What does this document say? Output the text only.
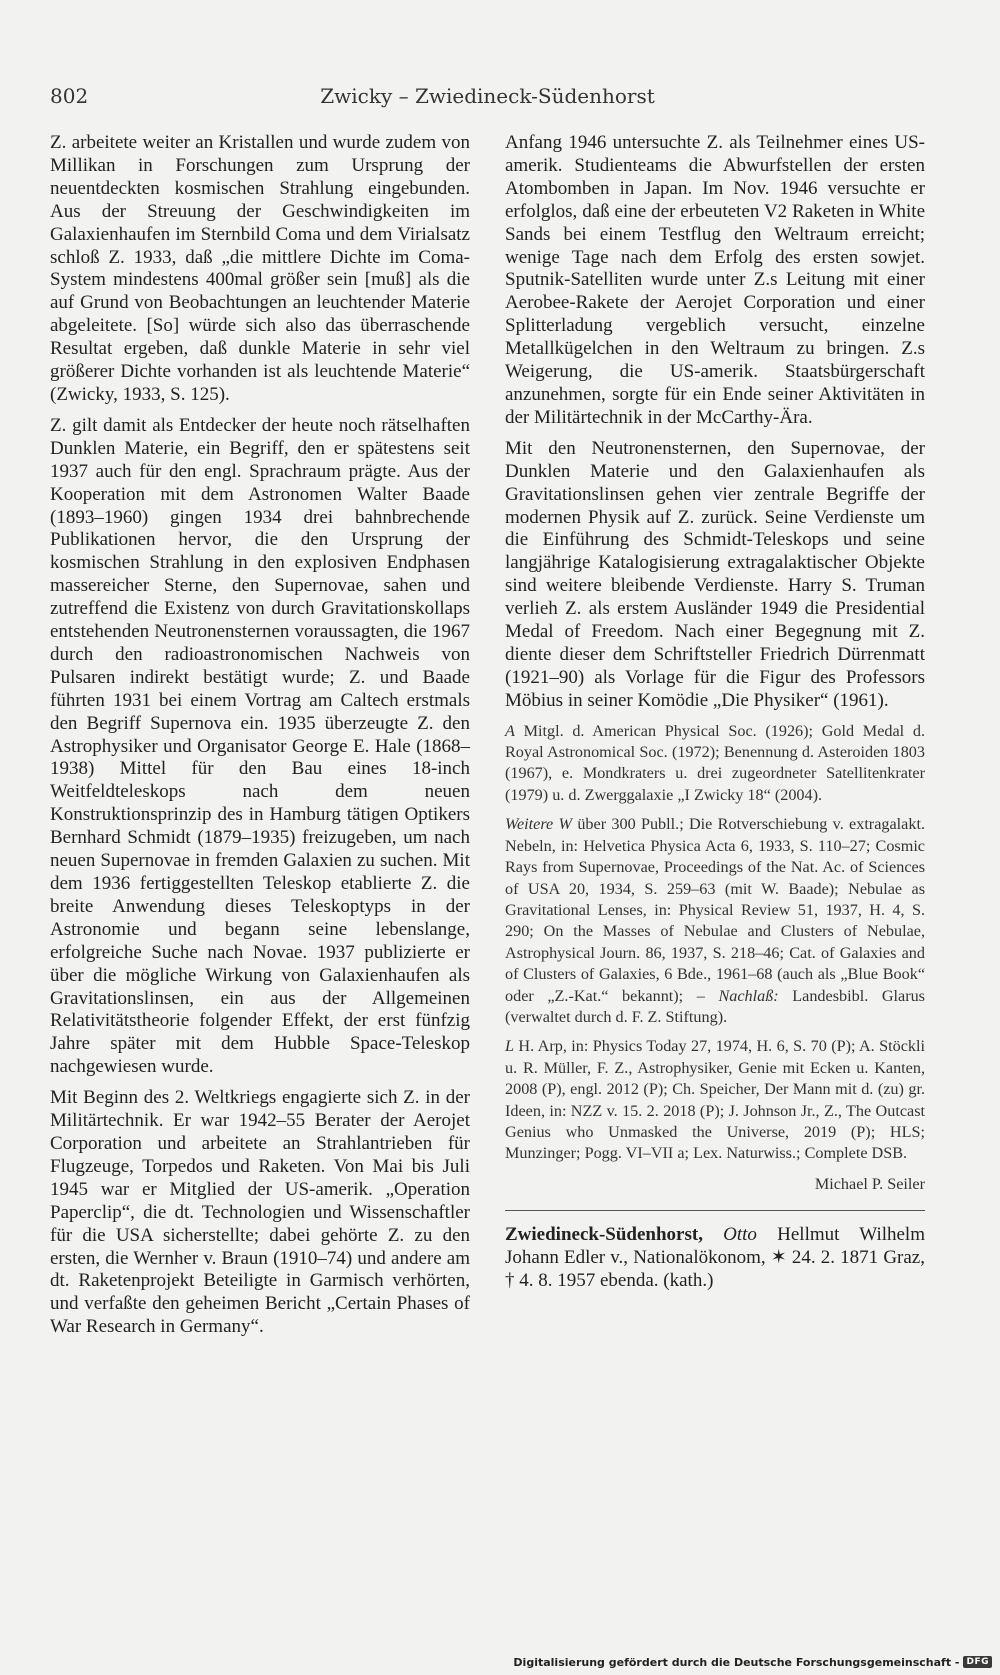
802	Zwicky – Zwiedineck-Südenhorst

Z. arbeitete weiter an Kristallen und wurde zudem von Millikan in Forschungen zum Ursprung der neuentdeckten kosmischen Strahlung eingebunden. Aus der Streuung der Geschwindigkeiten im Galaxienhaufen im Sternbild Coma und dem Virialsatz schloß Z. 1933, daß „die mittlere Dichte im Coma-System mindestens 400mal größer sein [muß] als die auf Grund von Beobachtungen an leuchtender Materie abgeleitete. [So] würde sich also das überraschende Resultat ergeben, daß dunkle Materie in sehr viel größerer Dichte vorhanden ist als leuchtende Materie“ (Zwicky, 1933, S. 125).

Z. gilt damit als Entdecker der heute noch rätselhaften Dunklen Materie, ein Begriff, den er spätestens seit 1937 auch für den engl. Sprachraum prägte. Aus der Kooperation mit dem Astronomen Walter Baade (1893–1960) gingen 1934 drei bahnbrechende Publikationen hervor, die den Ursprung der kosmischen Strahlung in den explosiven Endphasen massereicher Sterne, den Supernovae, sahen und zutreffend die Existenz von durch Gravitationskollaps entstehenden Neutronensternen voraussagten, die 1967 durch den radioastronomischen Nachweis von Pulsaren indirekt bestätigt wurde; Z. und Baade führten 1931 bei einem Vortrag am Caltech erstmals den Begriff Supernova ein. 1935 überzeugte Z. den Astrophysiker und Organisator George E. Hale (1868–1938) Mittel für den Bau eines 18-inch Weitfeldteleskops nach dem neuen Konstruktionsprinzip des in Hamburg tätigen Optikers Bernhard Schmidt (1879–1935) freizugeben, um nach neuen Supernovae in fremden Galaxien zu suchen. Mit dem 1936 fertiggestellten Teleskop etablierte Z. die breite Anwendung dieses Teleskoptyps in der Astronomie und begann seine lebenslange, erfolgreiche Suche nach Novae. 1937 publizierte er über die mögliche Wirkung von Galaxienhaufen als Gravitationslinsen, ein aus der Allgemeinen Relativitätstheorie folgender Effekt, der erst fünfzig Jahre später mit dem Hubble Space-Teleskop nachgewiesen wurde.

Mit Beginn des 2. Weltkriegs engagierte sich Z. in der Militärtechnik. Er war 1942–55 Berater der Aerojet Corporation und arbeitete an Strahlantrieben für Flugzeuge, Torpedos und Raketen. Von Mai bis Juli 1945 war er Mitglied der US-amerik. „Operation Paperclip“, die dt. Technologien und Wissenschaftler für die USA sicherstellte; dabei gehörte Z. zu den ersten, die Wernher v. Braun (1910–74) und andere am dt. Raketenprojekt Beteiligte in Garmisch verhörten, und verfaßte den geheimen Bericht „Certain Phases of War Research in Germany“.

Anfang 1946 untersuchte Z. als Teilnehmer eines US-amerik. Studienteams die Abwurfstellen der ersten Atombomben in Japan. Im Nov. 1946 versuchte er erfolglos, daß eine der erbeuteten V2 Raketen in White Sands bei einem Testflug den Weltraum erreicht; wenige Tage nach dem Erfolg des ersten sowjet. Sputnik-Satelliten wurde unter Z.s Leitung mit einer Aerobee-Rakete der Aerojet Corporation und einer Splitterladung vergeblich versucht, einzelne Metallkügelchen in den Weltraum zu bringen. Z.s Weigerung, die US-amerik. Staatsbürgerschaft anzunehmen, sorgte für ein Ende seiner Aktivitäten in der Militärtechnik in der McCarthy-Ära.

Mit den Neutronensternen, den Supernovae, der Dunklen Materie und den Galaxienhaufen als Gravitationslinsen gehen vier zentrale Begriffe der modernen Physik auf Z. zurück. Seine Verdienste um die Einführung des Schmidt-Teleskops und seine langjährige Katalogisierung extragalaktischer Objekte sind weitere bleibende Verdienste. Harry S. Truman verlieh Z. als erstem Ausländer 1949 die Presidential Medal of Freedom. Nach einer Begegnung mit Z. diente dieser dem Schriftsteller Friedrich Dürrenmatt (1921–90) als Vorlage für die Figur des Professors Möbius in seiner Komödie „Die Physiker“ (1961).

A Mitgl. d. American Physical Soc. (1926); Gold Medal d. Royal Astronomical Soc. (1972); Benennung d. Asteroiden 1803 (1967), e. Mondkraters u. drei zugeordneter Satellitenkrater (1979) u. d. Zwerggalaxie „I Zwicky 18“ (2004).

Weitere W über 300 Publl.; Die Rotverschiebung v. extragalakt. Nebeln, in: Helvetica Physica Acta 6, 1933, S. 110–27; Cosmic Rays from Supernovae, Proceedings of the Nat. Ac. of Sciences of USA 20, 1934, S. 259–63 (mit W. Baade); Nebulae as Gravitational Lenses, in: Physical Review 51, 1937, H. 4, S. 290; On the Masses of Nebulae and Clusters of Nebulae, Astrophysical Journ. 86, 1937, S. 218–46; Cat. of Galaxies and of Clusters of Galaxies, 6 Bde., 1961–68 (auch als „Blue Book“ oder „Z.-Kat.“ bekannt); – Nachlaß: Landesbibl. Glarus (verwaltet durch d. F. Z. Stiftung).

L H. Arp, in: Physics Today 27, 1974, H. 6, S. 70 (P); A. Stöckli u. R. Müller, F. Z., Astrophysiker, Genie mit Ecken u. Kanten, 2008 (P), engl. 2012 (P); Ch. Speicher, Der Mann mit d. (zu) gr. Ideen, in: NZZ v. 15. 2. 2018 (P); J. Johnson Jr., Z., The Outcast Genius who Unmasked the Universe, 2019 (P); HLS; Munzinger; Pogg. VI–VII a; Lex. Naturwiss.; Complete DSB.

Michael P. Seiler
Zwiedineck-Südenhorst, Otto Hellmut Wilhelm Johann Edler v., Nationalökonom, ✶ 24. 2. 1871 Graz, † 4. 8. 1957 ebenda. (kath.)
Digitalisierung gefördert durch die Deutsche Forschungsgemeinschaft - DFG
